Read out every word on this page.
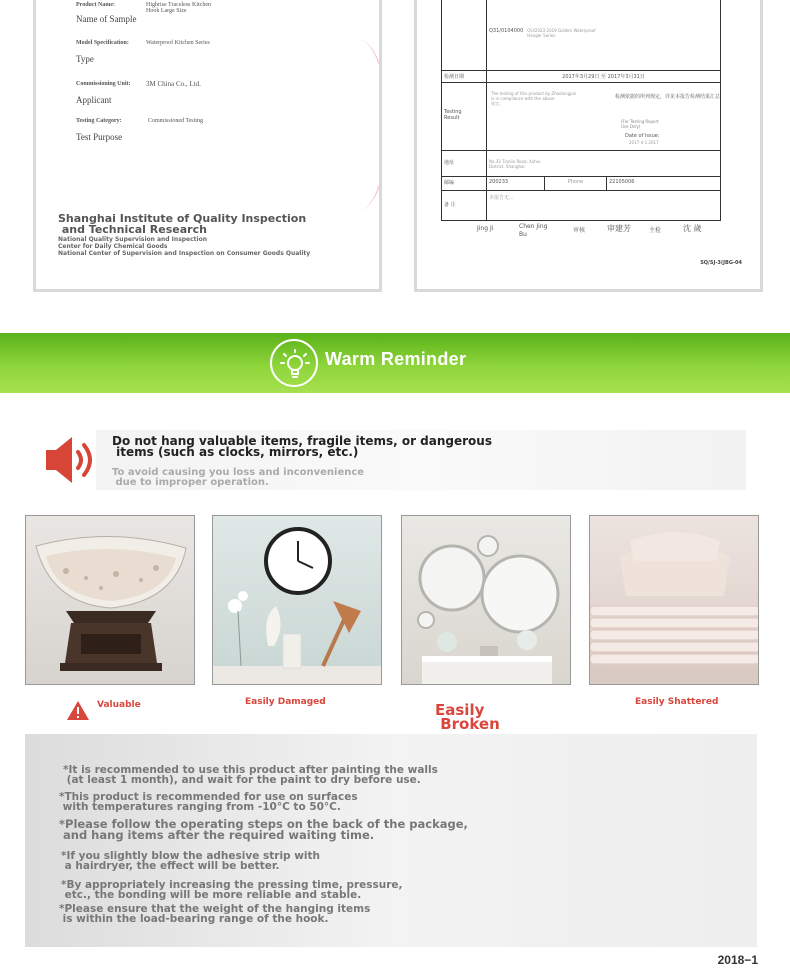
Product Name:	Highrise Traceless Kitchen Hook Large Size
Name of Sample
Model Specification:	Waterproof Kitchen Series
Type
Commissioning Unit:	3M China Co., Ltd.
Applicant
Testing Category:	Commissioned Testing
Test Purpose
Shanghai Institute of Quality Inspection
and Technical Research
National Quality Supervision and Inspection
Center for Daily Chemical Goods
National Center of Supervision and Inspection on Consumer Goods Quality
Q31/0104000 0142023-2019 Golden Waterproof
Hanger Series
检测日期	2017年3月29日 至 2017年3月31日
Testing
Result
The testing of this product by Zhaolongpin
is in compliance with the above
规定。
检测依据的所列规定，详见本报告检测结果汇总
(For Testing Report
Use Only)
Date of Issue:
2017-4-1 2017
地址	No.33 Tianlin Road, Xuhui
District, Shanghai
邮编	200233	Phone	22105006
备 注
本报告无...
Jing Ji	Chen Jing
Bu
审核	审建芳	主检	沈 歲
SQ/SJ-3(JBG-04
Warm Reminder
Do not hang valuable items, fragile items, or dangerous
items (such as clocks, mirrors, etc.)
To avoid causing you loss and inconvenience
due to improper operation.
Valuable	Easily Damaged	Easily
Broken
Easily Shattered
*It is recommended to use this product after painting the walls
(at least 1 month), and wait for the paint to dry before use.
*This product is recommended for use on surfaces
with temperatures ranging from -10°C to 50°C.
*Please follow the operating steps on the back of the package,
and hang items after the required waiting time.
*If you slightly blow the adhesive strip with
a hairdryer, the effect will be better.
*By appropriately increasing the pressing time, pressure,
etc., the bonding will be more reliable and stable.
*Please ensure that the weight of the hanging items
is within the load-bearing range of the hook.
2018−1
